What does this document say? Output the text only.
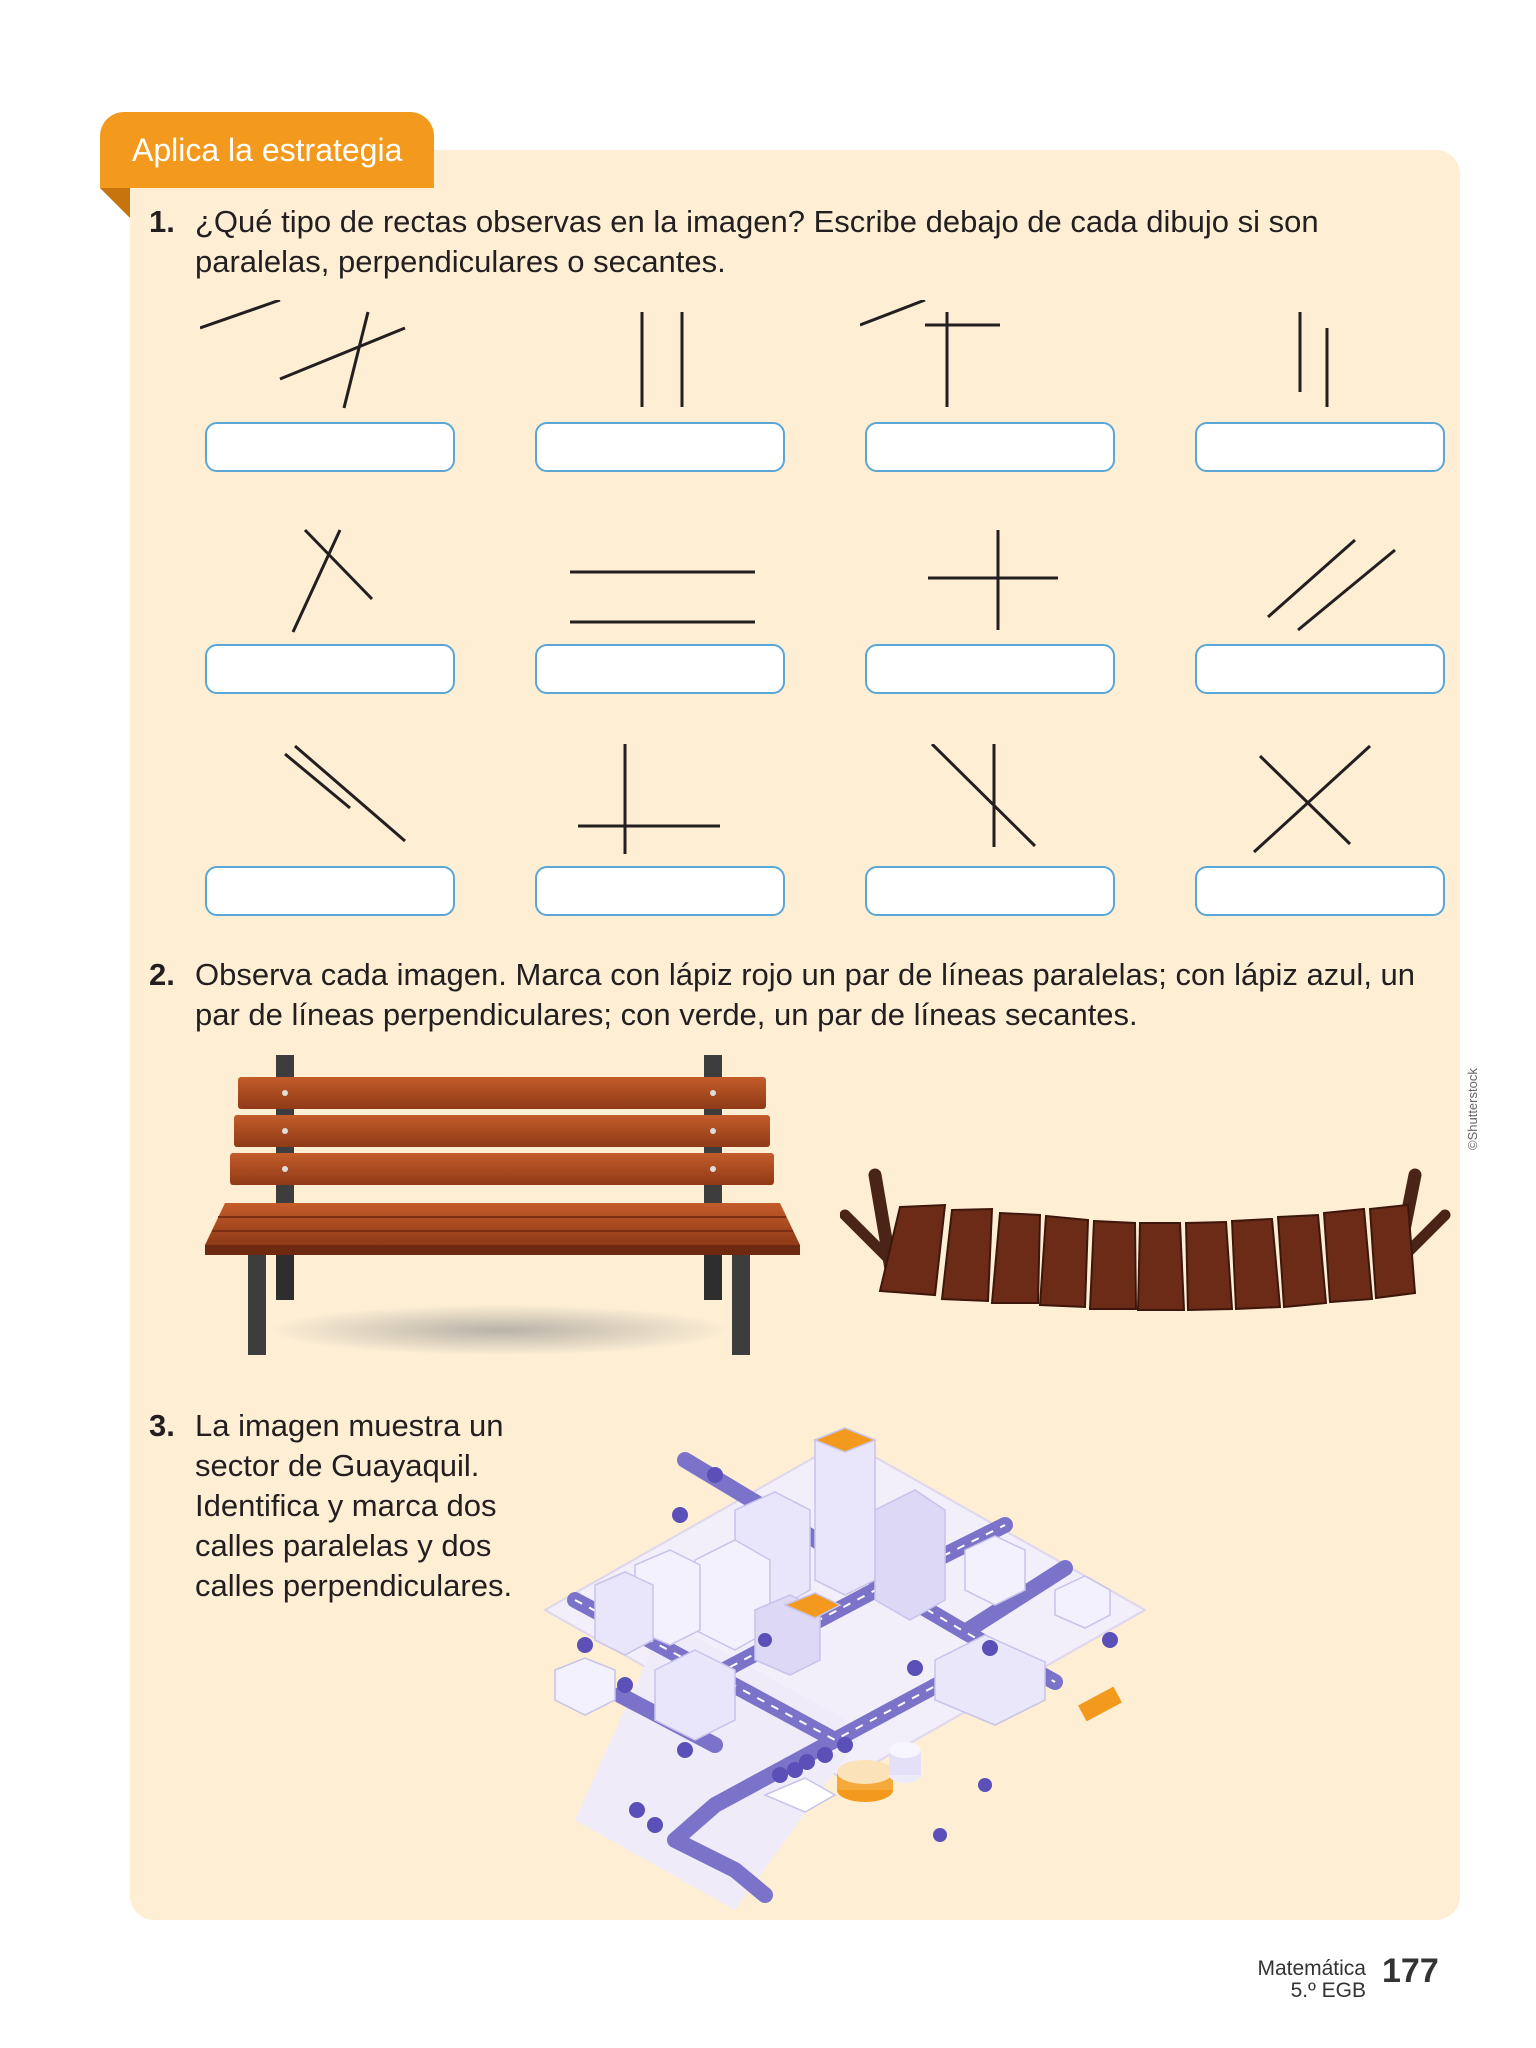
Aplica la estrategia
1. ¿Qué tipo de rectas observas en la imagen? Escribe debajo de cada dibujo si son paralelas, perpendiculares o secantes.
2. Observa cada imagen. Marca con lápiz rojo un par de líneas paralelas; con lápiz azul, un par de líneas perpendiculares; con verde, un par de líneas secantes.
©Shutterstock
3. La imagen muestra un sector de Guayaquil. Identifica y marca dos calles paralelas y dos calles perpendiculares.
Matemática
5.º EGB
177
